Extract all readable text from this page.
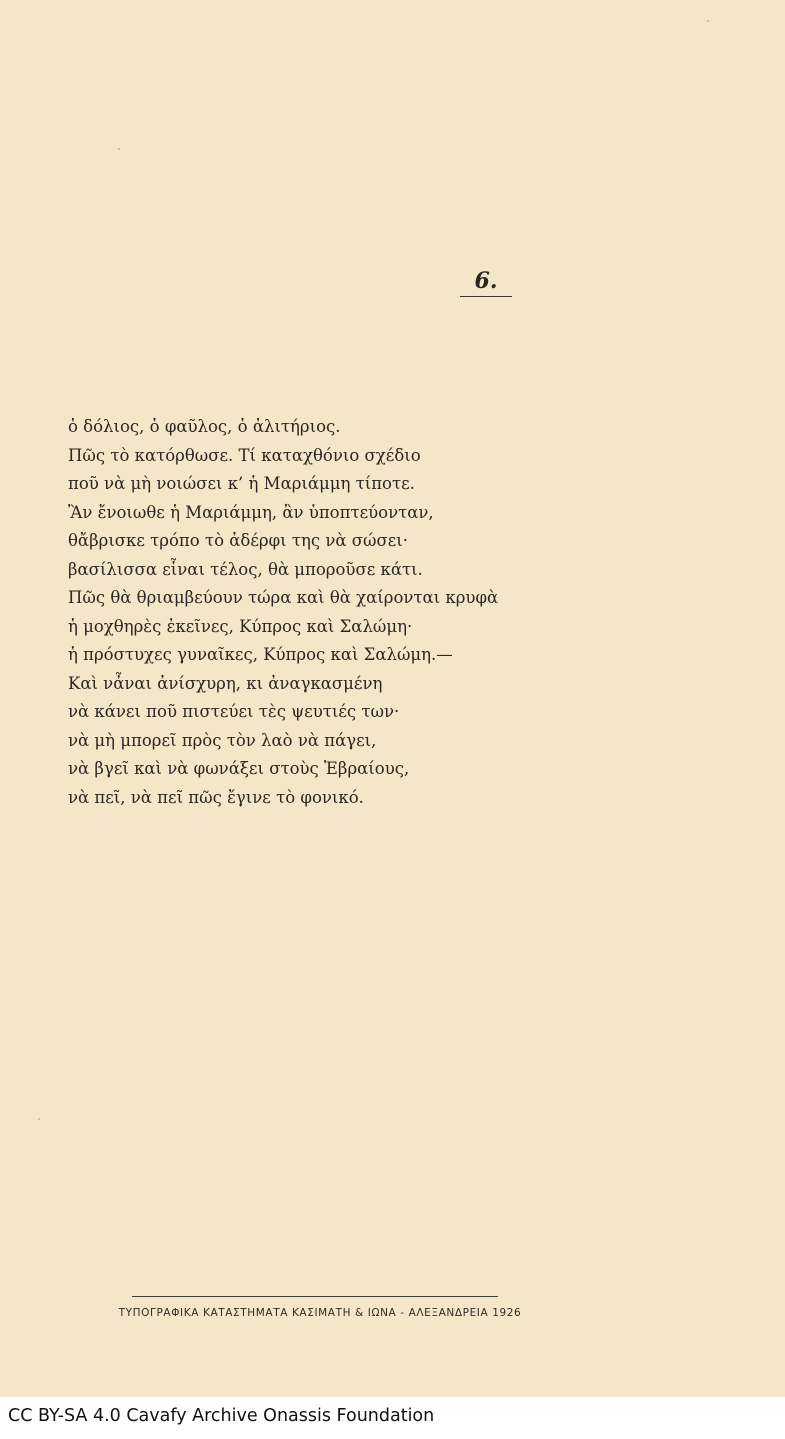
6.
ὁ δόλιος, ὁ φαῦλος, ὁ ἀλιτήριος.
Πῶς τὸ κατόρθωσε. Τί καταχθόνιο σχέδιο
ποῦ νὰ μὴ νοιώσει κ’ ἡ Μαριάμμη τίποτε.
Ἂν ἔνοιωθε ἡ Μαριάμμη, ἂν ὑποπτεύονταν,
θἄβρισκε τρόπο τὸ ἀδέρφι της νὰ σώσει·
βασίλισσα εἶναι τέλος, θὰ μποροῦσε κάτι.
Πῶς θὰ θριαμβεύουν τώρα καὶ θὰ χαίρονται κρυφὰ
ἡ μοχθηρὲς ἐκεῖνες, Κύπρος καὶ Σαλώμη·
ἡ πρόστυχες γυναῖκες, Κύπρος καὶ Σαλώμη.—
Καὶ νἆναι ἀνίσχυρη, κι ἀναγκασμένη
νὰ κάνει ποῦ πιστεύει τὲς ψευτιές των·
νὰ μὴ μπορεῖ πρὸς τὸν λαὸ νὰ πάγει,
νὰ βγεῖ καὶ νὰ φωνάξει στοὺς Ἑβραίους,
νὰ πεῖ, νὰ πεῖ πῶς ἔγινε τὸ φονικό.
ΤΥΠΟΓΡΑΦΙΚΑ ΚΑΤΑΣΤΗΜΑΤΑ ΚΑΣΙΜΑΤΗ & ΙΩΝΑ - ΑΛΕΞΑΝΔΡΕΙΑ 1926
CC BY-SA 4.0 Cavafy Archive Onassis Foundation
